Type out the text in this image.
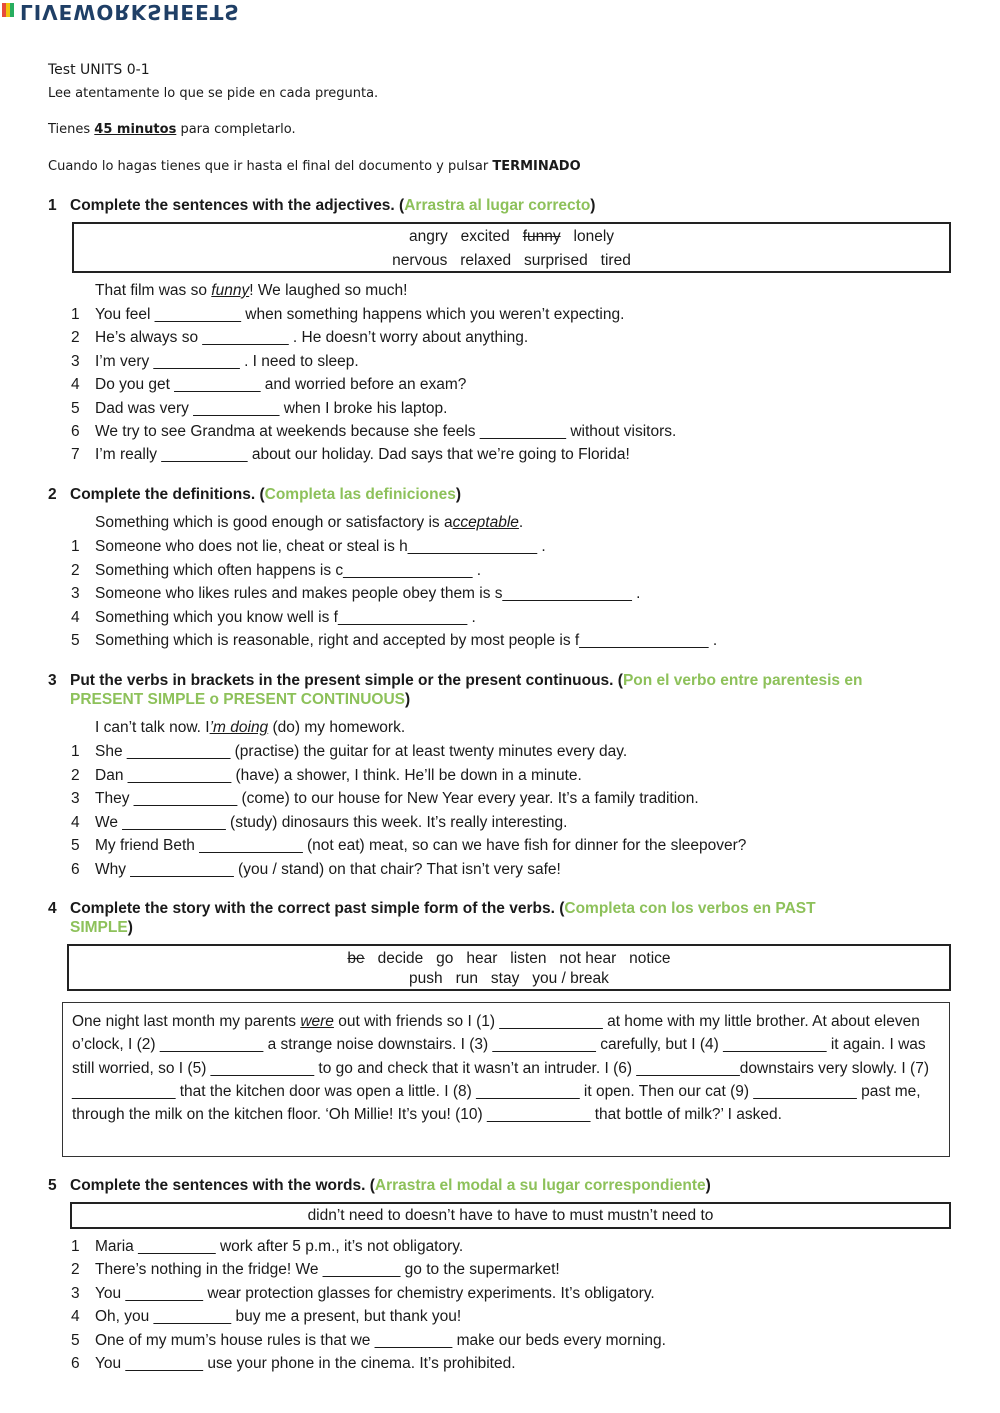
LIVEWORKSHEETS
Test UNITS 0-1
Lee atentamente lo que se pide en cada pregunta.
Tienes 45 minutos para completarlo.
Cuando lo hagas tienes que ir hasta el final del documento y pulsar TERMINADO
1 Complete the sentences with the adjectives. (Arrastra al lugar correcto)
angry   excited   funny   lonely
nervous   relaxed   surprised   tired
That film was so funny! We laughed so much!
1 You feel __________ when something happens which you weren’t expecting.
2 He’s always so __________ . He doesn’t worry about anything.
3 I’m very __________ . I need to sleep.
4 Do you get __________ and worried before an exam?
5 Dad was very __________ when I broke his laptop.
6 We try to see Grandma at weekends because she feels __________ without visitors.
7 I’m really __________ about our holiday. Dad says that we’re going to Florida!
2 Complete the definitions. (Completa las definiciones)
Something which is good enough or satisfactory is acceptable.
1 Someone who does not lie, cheat or steal is h_______________ .
2 Something which often happens is c_______________ .
3 Someone who likes rules and makes people obey them is s_______________ .
4 Something which you know well is f_______________ .
5 Something which is reasonable, right and accepted by most people is f_______________ .
3 Put the verbs in brackets in the present simple or the present continuous. (Pon el verbo entre parentesis en
PRESENT SIMPLE o PRESENT CONTINUOUS)
I can’t talk now. I’m doing (do) my homework.
1 She ____________ (practise) the guitar for at least twenty minutes every day.
2 Dan ____________ (have) a shower, I think. He’ll be down in a minute.
3 They ____________ (come) to our house for New Year every year. It’s a family tradition.
4 We ____________ (study) dinosaurs this week. It’s really interesting.
5 My friend Beth ____________ (not eat) meat, so can we have fish for dinner for the sleepover?
6 Why ____________ (you / stand) on that chair? That isn’t very safe!
4 Complete the story with the correct past simple form of the verbs. (Completa con los verbos en PAST
SIMPLE)
be   decide   go   hear   listen   not hear   notice
push   run   stay   you / break
One night last month my parents were out with friends so I (1) ____________ at home with my little brother. At about eleven o’clock, I (2) ____________ a strange noise downstairs. I (3) ____________ carefully, but I (4) ____________ it again. I was still worried, so I (5) ____________ to go and check that it wasn’t an intruder. I (6) ____________downstairs very slowly. I (7) ____________ that the kitchen door was open a little. I (8) ____________ it open. Then our cat (9) ____________ past me, through the milk on the kitchen floor. ‘Oh Millie! It’s you! (10) ____________ that bottle of milk?’ I asked.
5 Complete the sentences with the words. (Arrastra el modal a su lugar correspondiente)
didn’t need to doesn’t have to have to must mustn’t need to
1 Maria _________ work after 5 p.m., it’s not obligatory.
2 There’s nothing in the fridge! We _________ go to the supermarket!
3 You _________ wear protection glasses for chemistry experiments. It’s obligatory.
4 Oh, you _________ buy me a present, but thank you!
5 One of my mum’s house rules is that we _________ make our beds every morning.
6 You _________ use your phone in the cinema. It’s prohibited.
